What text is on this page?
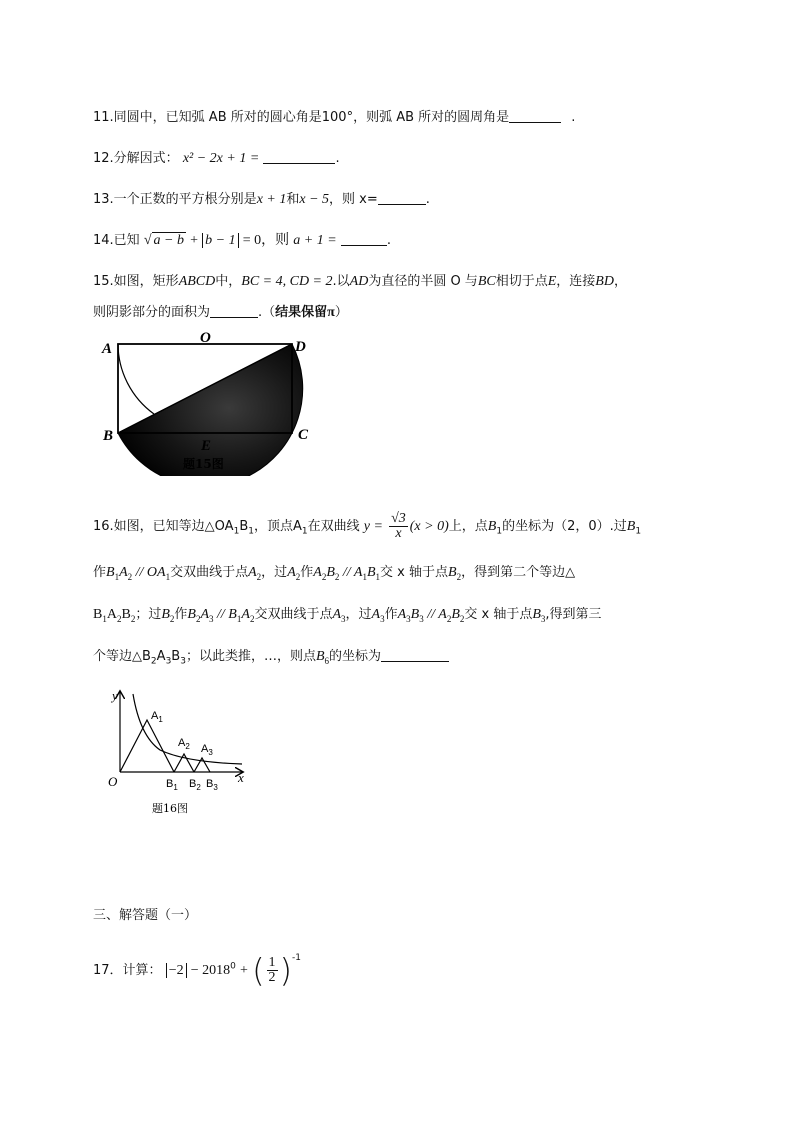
11.同圆中，已知弧 AB 所对的圆心角是100°，则弧 AB 所对的圆周角是	.
12.分解因式： x² − 2x + 1 =	.
13.一个正数的平方根分别是x + 1和x − 5，则 x=	.
14.已知 √ a − b + b − 1 = 0，则 a + 1 =	.
15.如图，矩形ABCD中，BC = 4, CD = 2.以AD为直径的半圆 O 与BC相切于点E，连接BD，
则阴影部分的面积为	.（结果保留π）
A
O
D
B
E
C
题15图
16.如图，已知等边$\triangle OA_1B_1$，顶点$A_1$在双曲线 $y = \frac{√3}{x} (x > 0)$上，点$B_1$的坐标为（2，0）.过$B_1$
作$B_1A_2 // OA_1$交双曲线于点$A_2$，过$A_2$作$A_2B_2 // A_1B_1$交 x 轴于点$B_2$，得到第二个等边△
$B_1A_2B_2$；过$B_2$作$B_2A_3 // B_1A_2$交双曲线于点$A_3$，过$A_3$作$A_3B_3 // A_2B_2$交 x 轴于点$B_3$,得到第三
个等边$\triangle B_2A_3B_3$；以此类推，…，则点$B_6$的坐标为
y
O	x
$A_1$
$A_2$ $A_3$
$B_1$ $B_2$ $B_3$
题16图
三、解答题（一）
17．计算： $-2 - 2018^0$ + ( $\frac{1}{2} )^{-1}$
